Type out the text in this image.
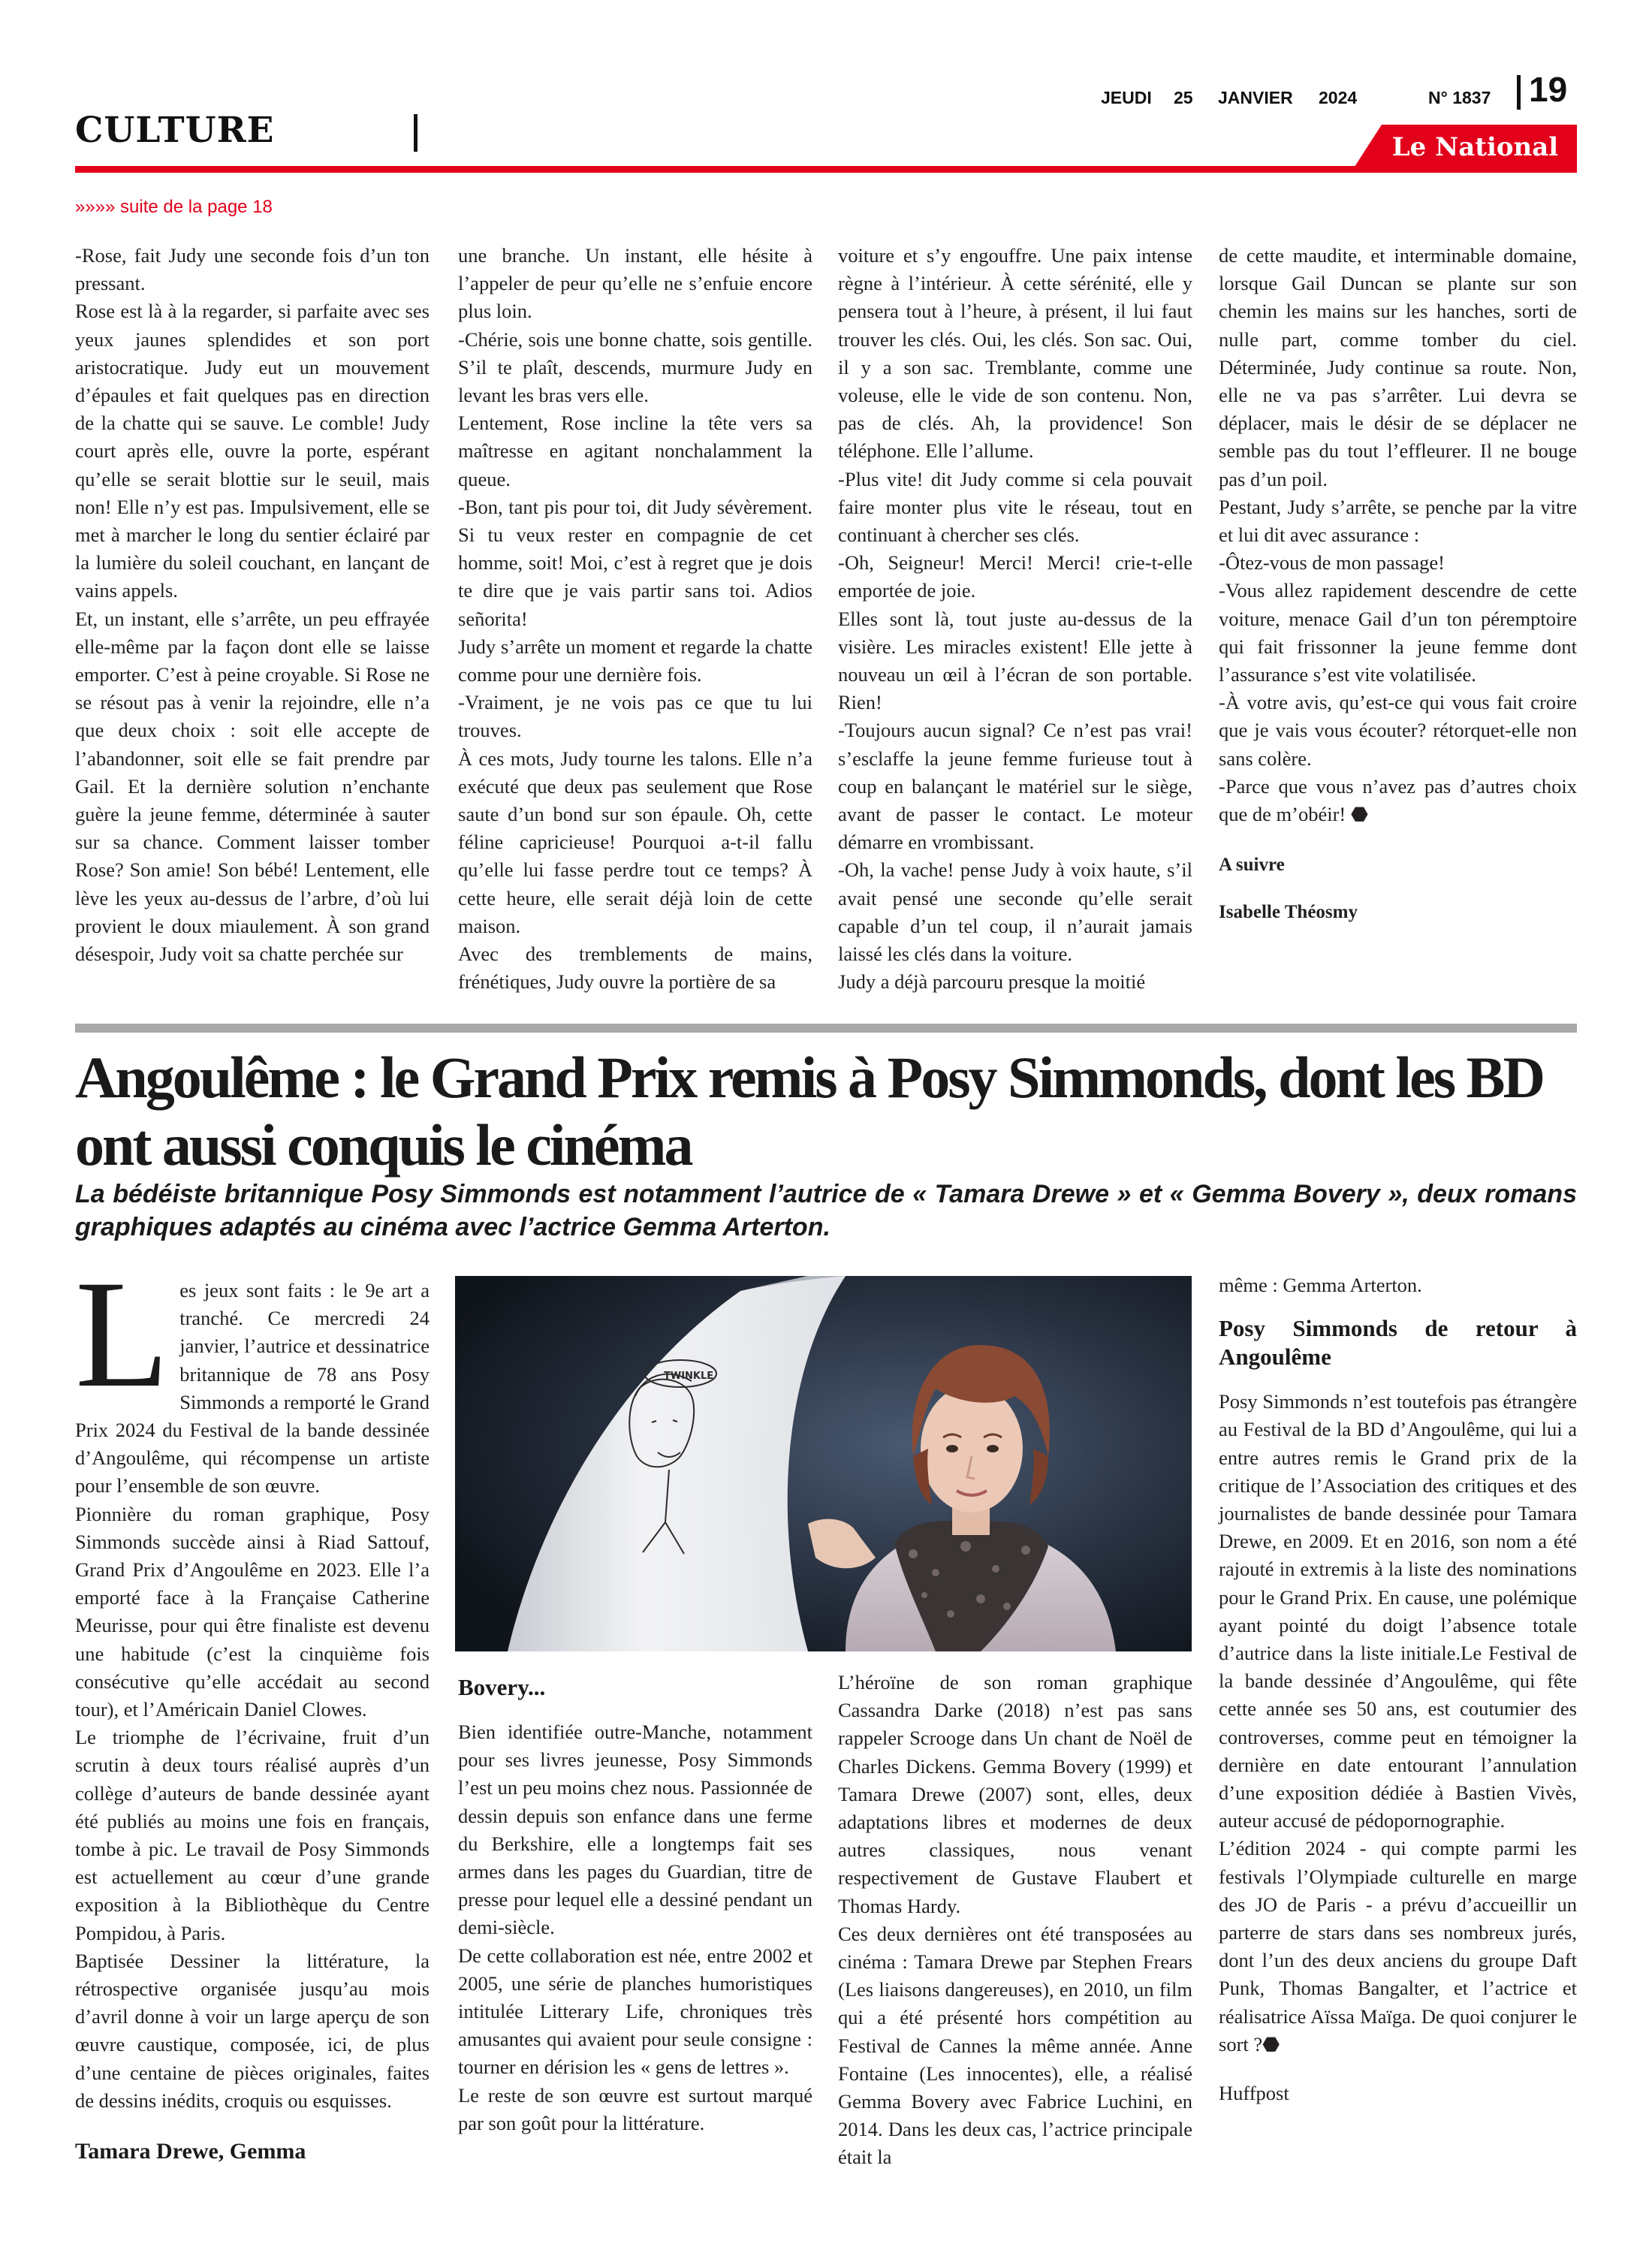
CULTURE
JEUDI 25 JANVIER 2024	N° 1837 19
Le National
»»»» suite de la page 18

-Rose, fait Judy une seconde fois d’un ton pressant.

Rose est là à la regarder, si parfaite avec ses yeux jaunes splendides et son port aristocratique. Judy eut un mouvement d’épaules et fait quelques pas en direction de la chatte qui se sauve. Le comble! Judy court après elle, ouvre la porte, espérant qu’elle se serait blottie sur le seuil, mais non! Elle n’y est pas. Impulsivement, elle se met à marcher le long du sentier éclairé par la lumière du soleil couchant, en lançant de vains appels.

Et, un instant, elle s’arrête, un peu effrayée elle-même par la façon dont elle se laisse emporter. C’est à peine croyable. Si Rose ne se résout pas à venir la rejoindre, elle n’a que deux choix : soit elle accepte de l’abandonner, soit elle se fait prendre par Gail. Et la dernière solution n’enchante guère la jeune femme, déterminée à sauter sur sa chance. Comment laisser tomber Rose? Son amie! Son bébé! Lentement, elle lève les yeux au-dessus de l’arbre, d’où lui provient le doux miaulement. À son grand désespoir, Judy voit sa chatte perchée sur

une branche. Un instant, elle hésite à l’appeler de peur qu’elle ne s’enfuie encore plus loin.

-Chérie, sois une bonne chatte, sois gentille. S’il te plaît, descends, murmure Judy en levant les bras vers elle.

Lentement, Rose incline la tête vers sa maîtresse en agitant nonchalamment la queue.

-Bon, tant pis pour toi, dit Judy sévèrement. Si tu veux rester en compagnie de cet homme, soit! Moi, c’est à regret que je dois te dire que je vais partir sans toi. Adios señorita!

Judy s’arrête un moment et regarde la chatte comme pour une dernière fois.

-Vraiment, je ne vois pas ce que tu lui trouves.

À ces mots, Judy tourne les talons. Elle n’a exécuté que deux pas seulement que Rose saute d’un bond sur son épaule. Oh, cette féline capricieuse! Pourquoi a-t-il fallu qu’elle lui fasse perdre tout ce temps? À cette heure, elle serait déjà loin de cette maison.

Avec des tremblements de mains, frénétiques, Judy ouvre la portière de sa

voiture et s’y engouffre. Une paix intense règne à l’intérieur. À cette sérénité, elle y pensera tout à l’heure, à présent, il lui faut trouver les clés. Oui, les clés. Son sac. Oui, il y a son sac. Tremblante, comme une voleuse, elle le vide de son contenu. Non, pas de clés. Ah, la providence! Son téléphone. Elle l’allume.

-Plus vite! dit Judy comme si cela pouvait faire monter plus vite le réseau, tout en continuant à chercher ses clés.

-Oh, Seigneur! Merci! Merci! crie-t-elle emportée de joie.

Elles sont là, tout juste au-dessus de la visière. Les miracles existent! Elle jette à nouveau un œil à l’écran de son portable. Rien!

-Toujours aucun signal? Ce n’est pas vrai! s’esclaffe la jeune femme furieuse tout à coup en balançant le matériel sur le siège, avant de passer le contact. Le moteur démarre en vrombissant.

-Oh, la vache! pense Judy à voix haute, s’il avait pensé une seconde qu’elle serait capable d’un tel coup, il n’aurait jamais laissé les clés dans la voiture.

Judy a déjà parcouru presque la moitié

de cette maudite, et interminable domaine, lorsque Gail Duncan se plante sur son chemin les mains sur les hanches, sorti de nulle part, comme tomber du ciel. Déterminée, Judy continue sa route. Non, elle ne va pas s’arrêter. Lui devra se déplacer, mais le désir de se déplacer ne semble pas du tout l’effleurer. Il ne bouge pas d’un poil.

Pestant, Judy s’arrête, se penche par la vitre et lui dit avec assurance :

-Ôtez-vous de mon passage!

-Vous allez rapidement descendre de cette voiture, menace Gail d’un ton péremptoire qui fait frissonner la jeune femme dont l’assurance s’est vite volatilisée.

-À votre avis, qu’est-ce qui vous fait croire que je vais vous écouter? rétorquet-elle non sans colère.

-Parce que vous n’avez pas d’autres choix que de m’obéir! ⬣

A suivre

Isabelle Théosmy

Angoulême : le Grand Prix remis à Posy Simmonds, dont les BD ont aussi conquis le cinéma
La bédéiste britannique Posy Simmonds est notamment l’autrice de « Tamara Drewe » et « Gemma Bovery », deux romans graphiques adaptés au cinéma avec l’actrice Gemma Arterton.

L es jeux sont faits : le 9e art a tranché. Ce mercredi 24 janvier, l’autrice et dessinatrice britannique de 78 ans Posy Simmonds a remporté le Grand Prix 2024 du Festival de la bande dessinée d’Angoulême, qui récompense un artiste pour l’ensemble de son œuvre.

Pionnière du roman graphique, Posy Simmonds succède ainsi à Riad Sattouf, Grand Prix d’Angoulême en 2023. Elle l’a emporté face à la Française Catherine Meurisse, pour qui être finaliste est devenu une habitude (c’est la cinquième fois consécutive qu’elle accédait au second tour), et l’Américain Daniel Clowes.

Le triomphe de l’écrivaine, fruit d’un scrutin à deux tours réalisé auprès d’un collège d’auteurs de bande dessinée ayant été publiés au moins une fois en français, tombe à pic. Le travail de Posy Simmonds est actuellement au cœur d’une grande exposition à la Bibliothèque du Centre Pompidou, à Paris.

Baptisée Dessiner la littérature, la rétrospective organisée jusqu’au mois d’avril donne à voir un large aperçu de son œuvre caustique, composée, ici, de plus d’une centaine de pièces originales, faites de dessins inédits, croquis ou esquisses.

Tamara Drewe, Gemma

TWINKLE

Bovery...

Bien identifiée outre-Manche, notamment pour ses livres jeunesse, Posy Simmonds l’est un peu moins chez nous. Passionnée de dessin depuis son enfance dans une ferme du Berkshire, elle a longtemps fait ses armes dans les pages du Guardian, titre de presse pour lequel elle a dessiné pendant un demi-siècle.

De cette collaboration est née, entre 2002 et 2005, une série de planches humoristiques intitulée Litterary Life, chroniques très amusantes qui avaient pour seule consigne : tourner en dérision les « gens de lettres ».

Le reste de son œuvre est surtout marqué par son goût pour la littérature.

L’héroïne de son roman graphique Cassandra Darke (2018) n’est pas sans rappeler Scrooge dans Un chant de Noël de Charles Dickens. Gemma Bovery (1999) et Tamara Drewe (2007) sont, elles, deux adaptations libres et modernes de deux autres classiques, nous venant respectivement de Gustave Flaubert et Thomas Hardy.

Ces deux dernières ont été transposées au cinéma : Tamara Drewe par Stephen Frears (Les liaisons dangereuses), en 2010, un film qui a été présenté hors compétition au Festival de Cannes la même année. Anne Fontaine (Les innocentes), elle, a réalisé Gemma Bovery avec Fabrice Luchini, en 2014. Dans les deux cas, l’actrice principale était la

même : Gemma Arterton.

Posy Simmonds de retour à Angoulême

Posy Simmonds n’est toutefois pas étrangère au Festival de la BD d’Angoulême, qui lui a entre autres remis le Grand prix de la critique de l’Association des critiques et des journalistes de bande dessinée pour Tamara Drewe, en 2009. Et en 2016, son nom a été rajouté in extremis à la liste des nominations pour le Grand Prix. En cause, une polémique ayant pointé du doigt l’absence totale d’autrice dans la liste initiale.Le Festival de la bande dessinée d’Angoulême, qui fête cette année ses 50 ans, est coutumier des controverses, comme peut en témoigner la dernière en date entourant l’annulation d’une exposition dédiée à Bastien Vivès, auteur accusé de pédopornographie.

L’édition 2024 - qui compte parmi les festivals l’Olympiade culturelle en marge des JO de Paris - a prévu d’accueillir un parterre de stars dans ses nombreux jurés, dont l’un des deux anciens du groupe Daft Punk, Thomas Bangalter, et l’actrice et réalisatrice Aïssa Maïga. De quoi conjurer le sort ?⬣

Huffpost
